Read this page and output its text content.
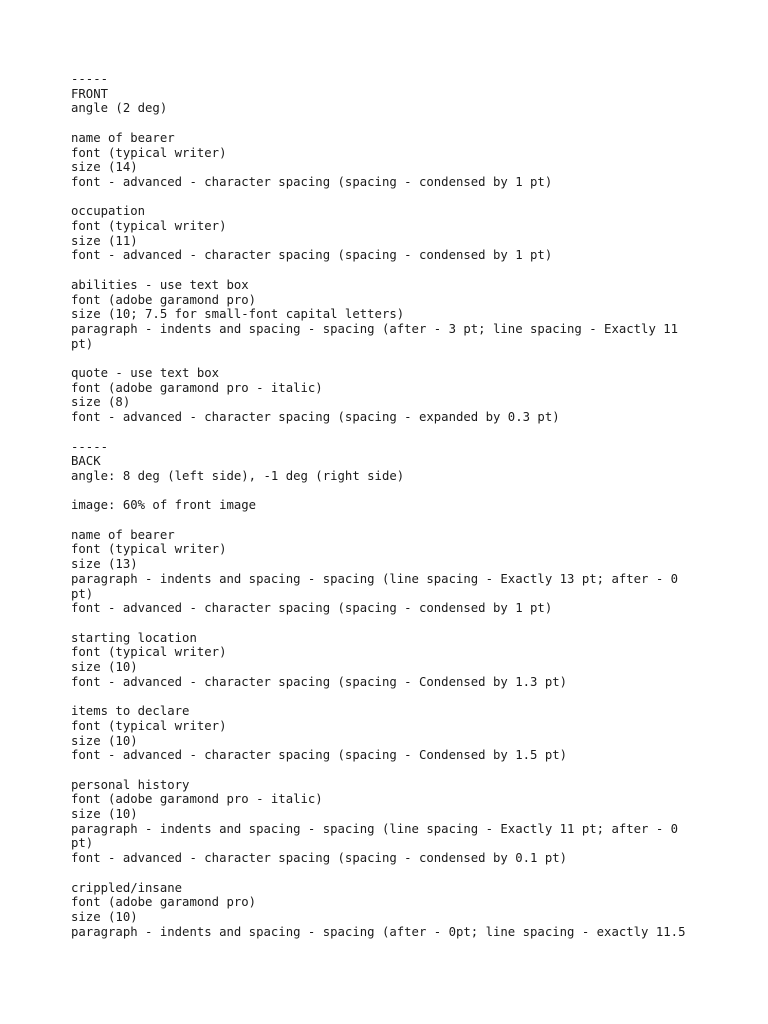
-----
FRONT
angle (2 deg)
name of bearer
font (typical writer)
size (14)
font - advanced - character spacing (spacing - condensed by 1 pt)
occupation
font (typical writer)
size (11)
font - advanced - character spacing (spacing - condensed by 1 pt)
abilities - use text box
font (adobe garamond pro)
size (10; 7.5 for small-font capital letters)
paragraph - indents and spacing - spacing (after - 3 pt; line spacing - Exactly 11
pt)
quote - use text box
font (adobe garamond pro - italic)
size (8)
font - advanced - character spacing (spacing - expanded by 0.3 pt)
-----
BACK
angle: 8 deg (left side), -1 deg (right side)
image: 60% of front image
name of bearer
font (typical writer)
size (13)
paragraph - indents and spacing - spacing (line spacing - Exactly 13 pt; after - 0
pt)
font - advanced - character spacing (spacing - condensed by 1 pt)
starting location
font (typical writer)
size (10)
font - advanced - character spacing (spacing - Condensed by 1.3 pt)
items to declare
font (typical writer)
size (10)
font - advanced - character spacing (spacing - Condensed by 1.5 pt)
personal history
font (adobe garamond pro - italic)
size (10)
paragraph - indents and spacing - spacing (line spacing - Exactly 11 pt; after - 0
pt)
font - advanced - character spacing (spacing - condensed by 0.1 pt)
crippled/insane
font (adobe garamond pro)
size (10)
paragraph - indents and spacing - spacing (after - 0pt; line spacing - exactly 11.5
